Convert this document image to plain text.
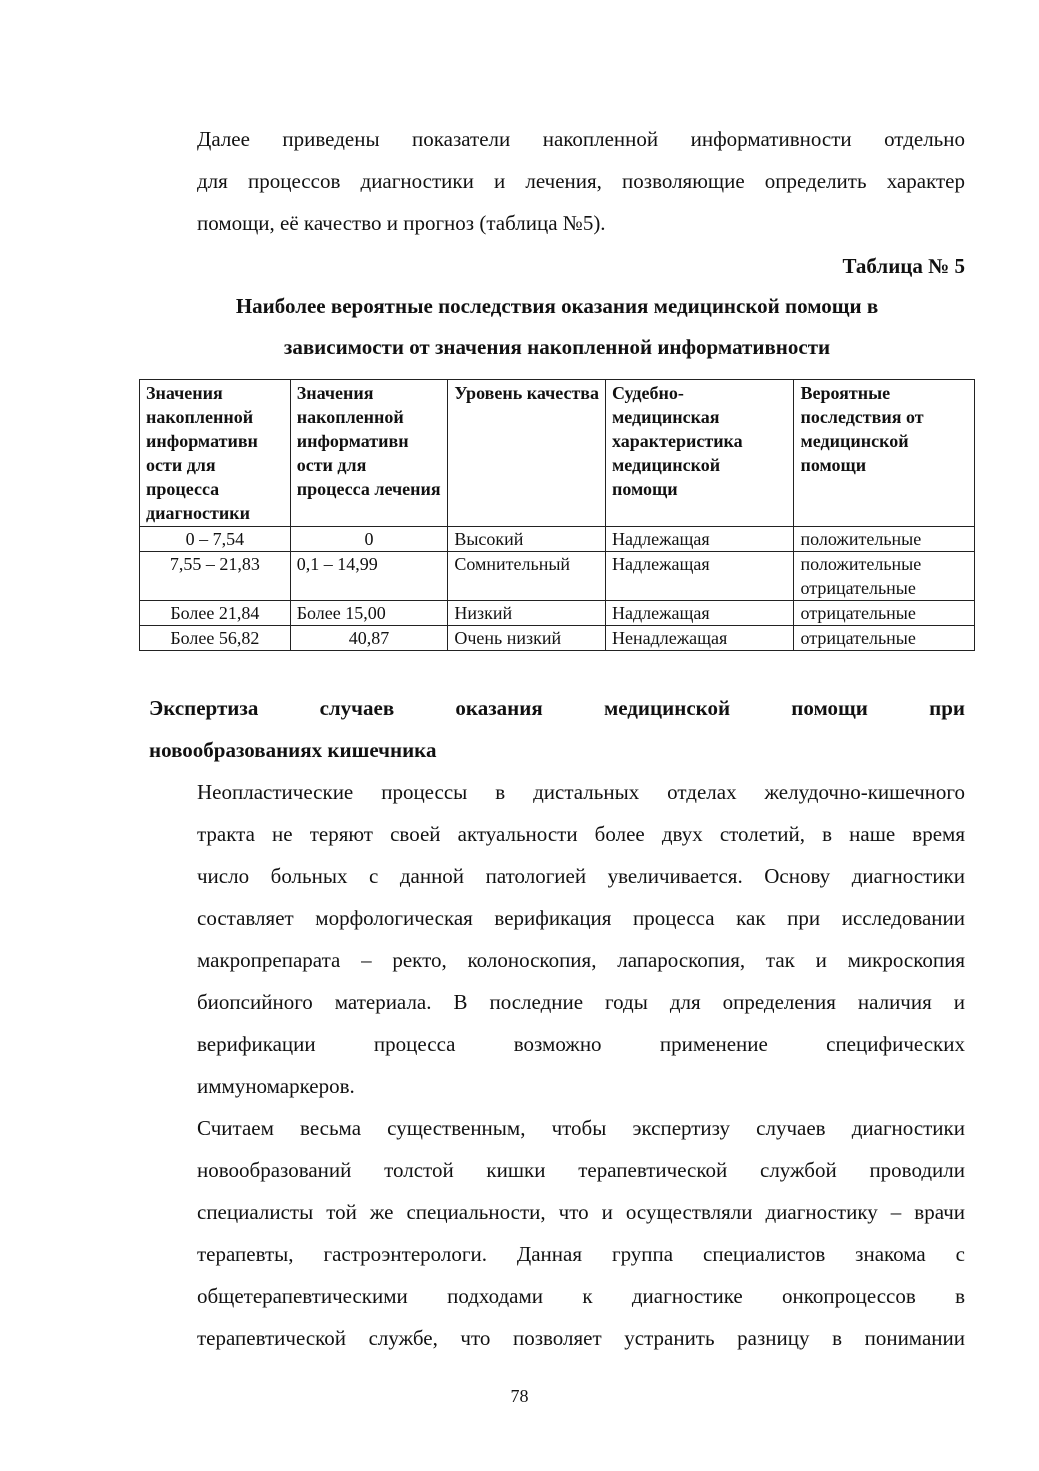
Далее приведены показатели накопленной информативности отдельно
для процессов диагностики и лечения, позволяющие определить характер
помощи, её качество и прогноз (таблица №5).

Таблица № 5
Наиболее вероятные последствия оказания медицинской помощи в
зависимости от значения накопленной информативности
Значения накопленной информативн ости для процесса диагностики	Значения накопленной информативн ости для процесса лечения	Уровень качества	Судебно-медицинская характеристика медицинской помощи	Вероятные последствия от медицинской помощи
0 – 7,54	0	Высокий	Надлежащая	положительные
7,55 – 21,83	0,1 – 14,99	Сомнительный	Надлежащая	положительные отрицательные
Более 21,84	Более 15,00	Низкий	Надлежащая	отрицательные
Более 56,82	40,87	Очень низкий	Ненадлежащая	отрицательные
Экспертиза случаев оказания медицинской помощи при
новообразованиях кишечника

Неопластические процессы в дистальных отделах желудочно-кишечного
тракта не теряют своей актуальности более двух столетий, в наше время
число больных с данной патологией увеличивается. Основу диагностики
составляет морфологическая верификация процесса как при исследовании
макропрепарата – ректо, колоноскопия, лапароскопия, так и микроскопия
биопсийного материала. В последние годы для определения наличия и
верификации процесса возможно применение специфических
иммуномаркеров.

Считаем весьма существенным, чтобы экспертизу случаев диагностики
новообразований толстой кишки терапевтической службой проводили
специалисты той же специальности, что и осуществляли диагностику – врачи
терапевты, гастроэнтерологи. Данная группа специалистов знакома с
общетерапевтическими подходами к диагностике онкопроцессов в
терапевтической службе, что позволяет устранить разницу в понимании

78
